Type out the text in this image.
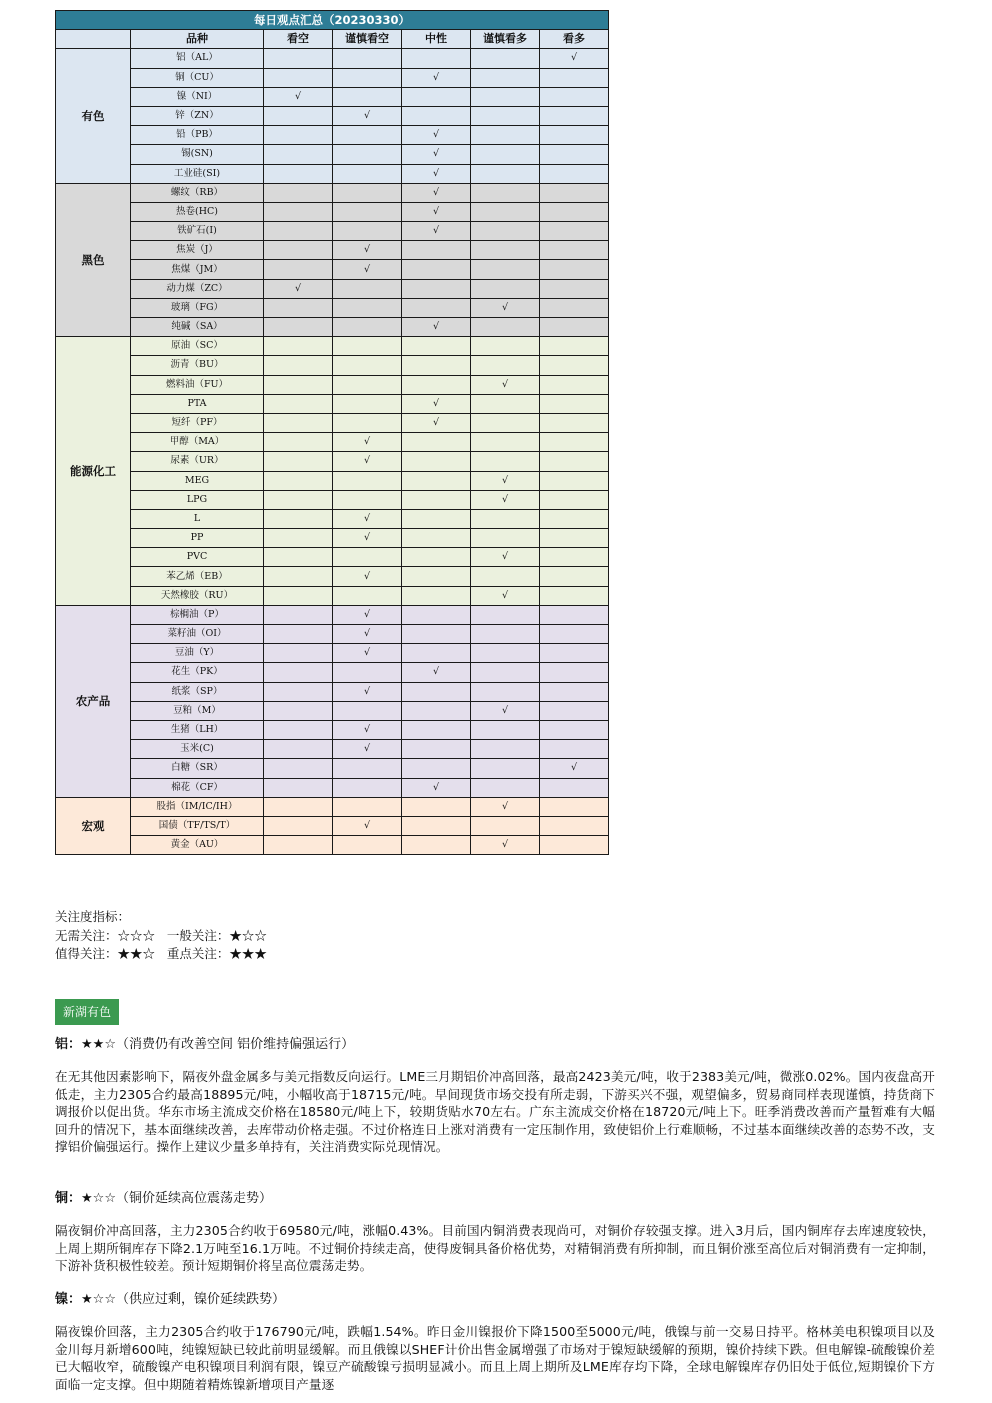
每日观点汇总（20230330）						
	品种	看空	谨慎看空	中性	谨慎看多	看多
有色	铝（AL）					√
	铜（CU）			√		
	镍（NI）	√				
	锌（ZN）		√			
	铅（PB）			√		
	锡(SN)			√		
	工业硅(SI)			√		
黑色	螺纹（RB）			√		
	热卷(HC)			√		
	铁矿石(I)			√		
	焦炭（J）		√			
	焦煤（JM）		√			
	动力煤（ZC）	√				
	玻璃（FG）				√	
	纯碱（SA）			√		
能源化工	原油（SC）					
	沥青（BU）					
	燃料油（FU）				√	
	PTA			√		
	短纤（PF）			√		
	甲醇（MA）		√			
	尿素（UR）		√			
	MEG				√	
	LPG				√	
	L		√			
	PP		√			
	PVC				√	
	苯乙烯（EB）		√			
	天然橡胶（RU）				√	
农产品	棕榈油（P）		√			
	菜籽油（OI）		√			
	豆油（Y）		√			
	花生（PK）			√		
	纸浆（SP）		√			
	豆粕（M）				√	
	生猪（LH）		√			
	玉米(C)		√			
	白糖（SR）					√
	棉花（CF）			√		
宏观	股指（IM/IC/IH）				√	
	国债（TF/TS/T）		√			
	黄金（AU）				√	
关注度指标：
无需关注：☆☆☆   一般关注：★☆☆
值得关注：★★☆   重点关注：★★★
新湖有色

铝：★★☆（消费仍有改善空间 铝价维持偏强运行）

在无其他因素影响下，隔夜外盘金属多与美元指数反向运行。LME三月期铝价冲高回落，最高2423美元/吨，收于2383美元/吨，微涨0.02%。国内夜盘高开低走，主力2305合约最高18895元/吨，小幅收高于18715元/吨。早间现货市场交投有所走弱，下游买兴不强，观望偏多，贸易商同样表现谨慎，持货商下调报价以促出货。华东市场主流成交价格在18580元/吨上下，较期货贴水70左右。广东主流成交价格在18720元/吨上下。旺季消费改善而产量暂难有大幅回升的情况下，基本面继续改善，去库带动价格走强。不过价格连日上涨对消费有一定压制作用，致使铝价上行难顺畅，不过基本面继续改善的态势不改，支撑铝价偏强运行。操作上建议少量多单持有，关注消费实际兑现情况。

铜：★☆☆（铜价延续高位震荡走势）

隔夜铜价冲高回落，主力2305合约收于69580元/吨，涨幅0.43%。目前国内铜消费表现尚可，对铜价存较强支撑。进入3月后，国内铜库存去库速度较快，上周上期所铜库存下降2.1万吨至16.1万吨。不过铜价持续走高，使得废铜具备价格优势，对精铜消费有所抑制，而且铜价涨至高位后对铜消费有一定抑制，下游补货积极性较差。预计短期铜价将呈高位震荡走势。

镍：★☆☆（供应过剩，镍价延续跌势）

隔夜镍价回落，主力2305合约收于176790元/吨，跌幅1.54%。昨日金川镍报价下降1500至5000元/吨，俄镍与前一交易日持平。格林美电积镍项目以及金川每月新增600吨，纯镍短缺已较此前明显缓解。而且俄镍以SHEF计价出售金属增强了市场对于镍短缺缓解的预期，镍价持续下跌。但电解镍-硫酸镍价差已大幅收窄，硫酸镍产电积镍项目利润有限，镍豆产硫酸镍亏损明显减小。而且上周上期所及LME库存均下降，全球电解镍库存仍旧处于低位,短期镍价下方面临一定支撑。但中期随着精炼镍新增项目产量逐
